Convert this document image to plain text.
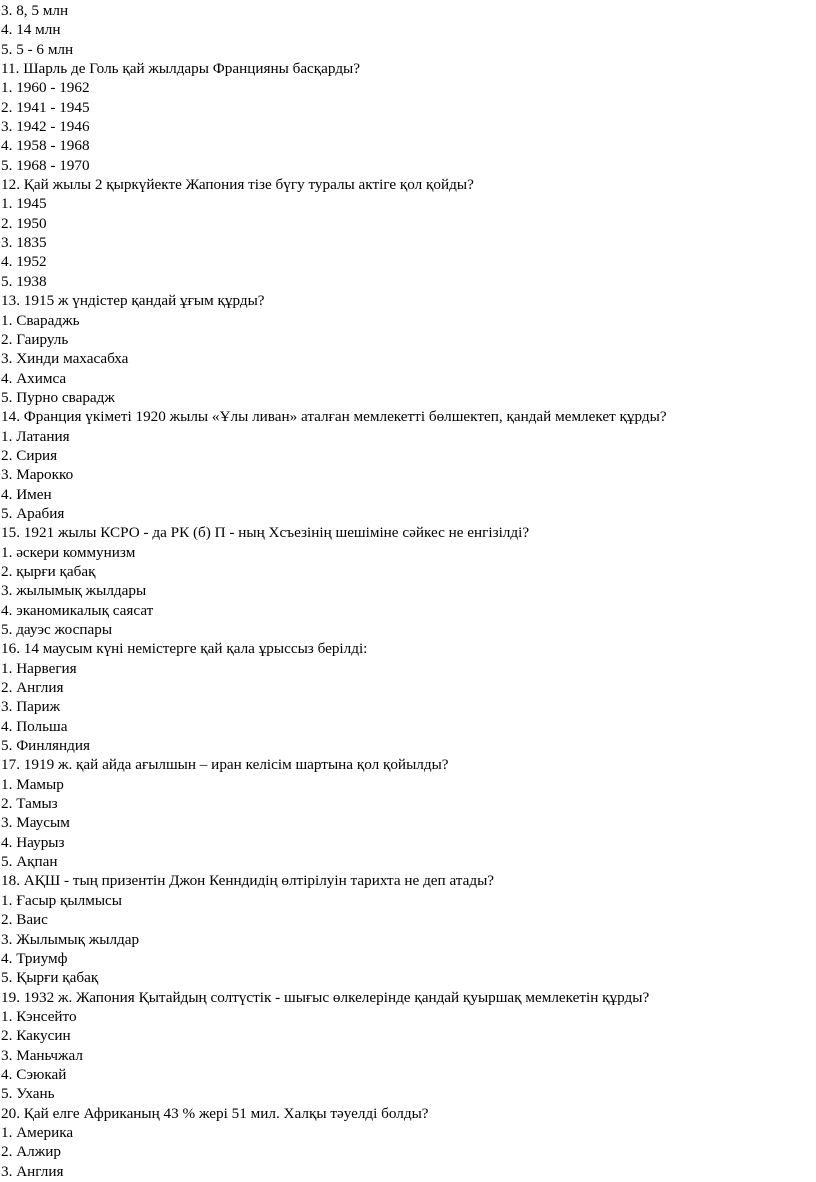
3. 8, 5 млн
4. 14 млн
5. 5 - 6 млн
11. Шарль де Голь қай жылдары Францияны басқарды?
1. 1960 - 1962
2. 1941 - 1945
3. 1942 - 1946
4. 1958 - 1968
5. 1968 - 1970
12. Қай жылы 2 қыркүйекте Жапония тізе бүгу туралы актіге қол қойды?
1. 1945
2. 1950
3. 1835
4. 1952
5. 1938
13. 1915 ж үндістер қандай ұғым құрды?
1. Свараджь
2. Гаируль
3. Хинди махасабха
4. Ахимса
5. Пурно сварадж
14. Франция үкіметі 1920 жылы «Ұлы ливан» аталған мемлекетті бөлшектеп, қандай мемлекет құрды?
1. Латания
2. Сирия
3. Марокко
4. Имен
5. Арабия
15. 1921 жылы КСРО - да РК (б) П - ның Хсъезінің шешіміне сәйкес не енгізілді?
1. әскери коммунизм
2. қырғи қабақ
3. жылымық жылдары
4. эканомикалық саясат
5. дауэс жоспары
16. 14 маусым күні немістерге қай қала ұрыссыз берілді:
1. Нарвегия
2. Англия
3. Париж
4. Польша
5. Финляндия
17. 1919 ж. қай айда ағылшын – иран келісім шартына қол қойылды?
1. Мамыр
2. Тамыз
3. Маусым
4. Наурыз
5. Ақпан
18. АҚШ - тың призентін Джон Кенндидің өлтірілуін тарихта не деп атады?
1. Ғасыр қылмысы
2. Ваис
3. Жылымық жылдар
4. Триумф
5. Қырғи қабақ
19. 1932 ж. Жапония Қытайдың солтүстік - шығыс өлкелерінде қандай қуыршақ мемлекетін құрды?
1. Кэнсейто
2. Какусин
3. Маньчжал
4. Сэюкай
5. Ухань
20. Қай елге Африканың 43 % жері 51 мил. Халқы тәуелді болды?
1. Америка
2. Алжир
3. Англия
